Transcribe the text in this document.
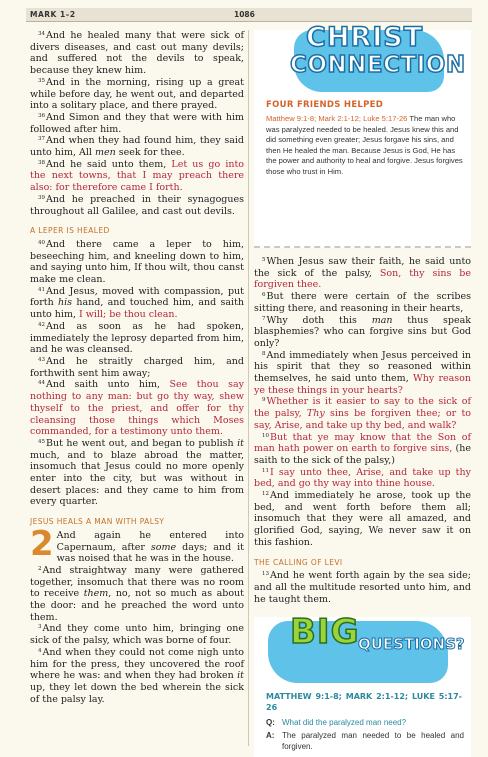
MARK 1–2	1086

$^{34}$And he healed many that were sick of divers diseases, and cast out many devils; and suffered not the devils to speak, because they knew him.

$^{35}$And in the morning, rising up a great while before day, he went out, and departed into a solitary place, and there prayed.

$^{36}$And Simon and they that were with him followed after him.

$^{37}$And when they had found him, they said unto him, All men seek for thee.

$^{38}$And he said unto them, Let us go into the next towns, that I may preach there also: for therefore came I forth.

$^{39}$And he preached in their synagogues throughout all Galilee, and cast out devils.

A LEPER IS HEALED

$^{40}$And there came a leper to him, beseeching him, and kneeling down to him, and saying unto him, If thou wilt, thou canst make me clean.

$^{41}$And Jesus, moved with compassion, put forth his hand, and touched him, and saith unto him, I will; be thou clean.

$^{42}$And as soon as he had spoken, immediately the leprosy departed from him, and he was cleansed.

$^{43}$And he straitly charged him, and forthwith sent him away;

$^{44}$And saith unto him, See thou say nothing to any man: but go thy way, shew thyself to the priest, and offer for thy cleansing those things which Moses commanded, for a testimony unto them.

$^{45}$But he went out, and began to publish it much, and to blaze abroad the matter, insomuch that Jesus could no more openly enter into the city, but was without in desert places: and they came to him from every quarter.

JESUS HEALS A MAN WITH PALSY

2 And again he entered into Capernaum, after some days; and it was noised that he was in the house.

$^2$And straightway many were gathered together, insomuch that there was no room to receive them, no, not so much as about the door: and he preached the word unto them.

$^3$And they come unto him, bringing one sick of the palsy, which was borne of four.

$^4$And when they could not come nigh unto him for the press, they uncovered the roof where he was: and when they had broken it up, they let down the bed wherein the sick of the palsy lay.

CHRIST
CONNECTION
FOUR FRIENDS HELPED
Matthew 9:1-8; Mark 2:1-12; Luke 5:17-26 The man who was paralyzed needed to be healed. Jesus knew this and did something even greater; Jesus forgave his sins, and then He healed the man. Because Jesus is God, He has the power and authority to heal and forgive. Jesus forgives those who trust in Him.

$^5$When Jesus saw their faith, he said unto the sick of the palsy, Son, thy sins be forgiven thee.

$^6$But there were certain of the scribes sitting there, and reasoning in their hearts,

$^7$Why doth this man thus speak blasphemies? who can forgive sins but God only?

$^8$And immediately when Jesus perceived in his spirit that they so reasoned within themselves, he said unto them, Why reason ye these things in your hearts?

$^9$Whether is it easier to say to the sick of the palsy, Thy sins be forgiven thee; or to say, Arise, and take up thy bed, and walk?

$^{10}$But that ye may know that the Son of man hath power on earth to forgive sins, (he saith to the sick of the palsy,)

$^{11}$I say unto thee, Arise, and take up thy bed, and go thy way into thine house.

$^{12}$And immediately he arose, took up the bed, and went forth before them all; insomuch that they were all amazed, and glorified God, saying, We never saw it on this fashion.

THE CALLING OF LEVI

$^{13}$And he went forth again by the sea side; and all the multitude resorted unto him, and he taught them.

BIG
QUESTIONS?
MATTHEW 9:1-8; MARK 2:1-12; LUKE 5:17-26
Q: What did the paralyzed man need?
A: The paralyzed man needed to be healed and forgiven.
